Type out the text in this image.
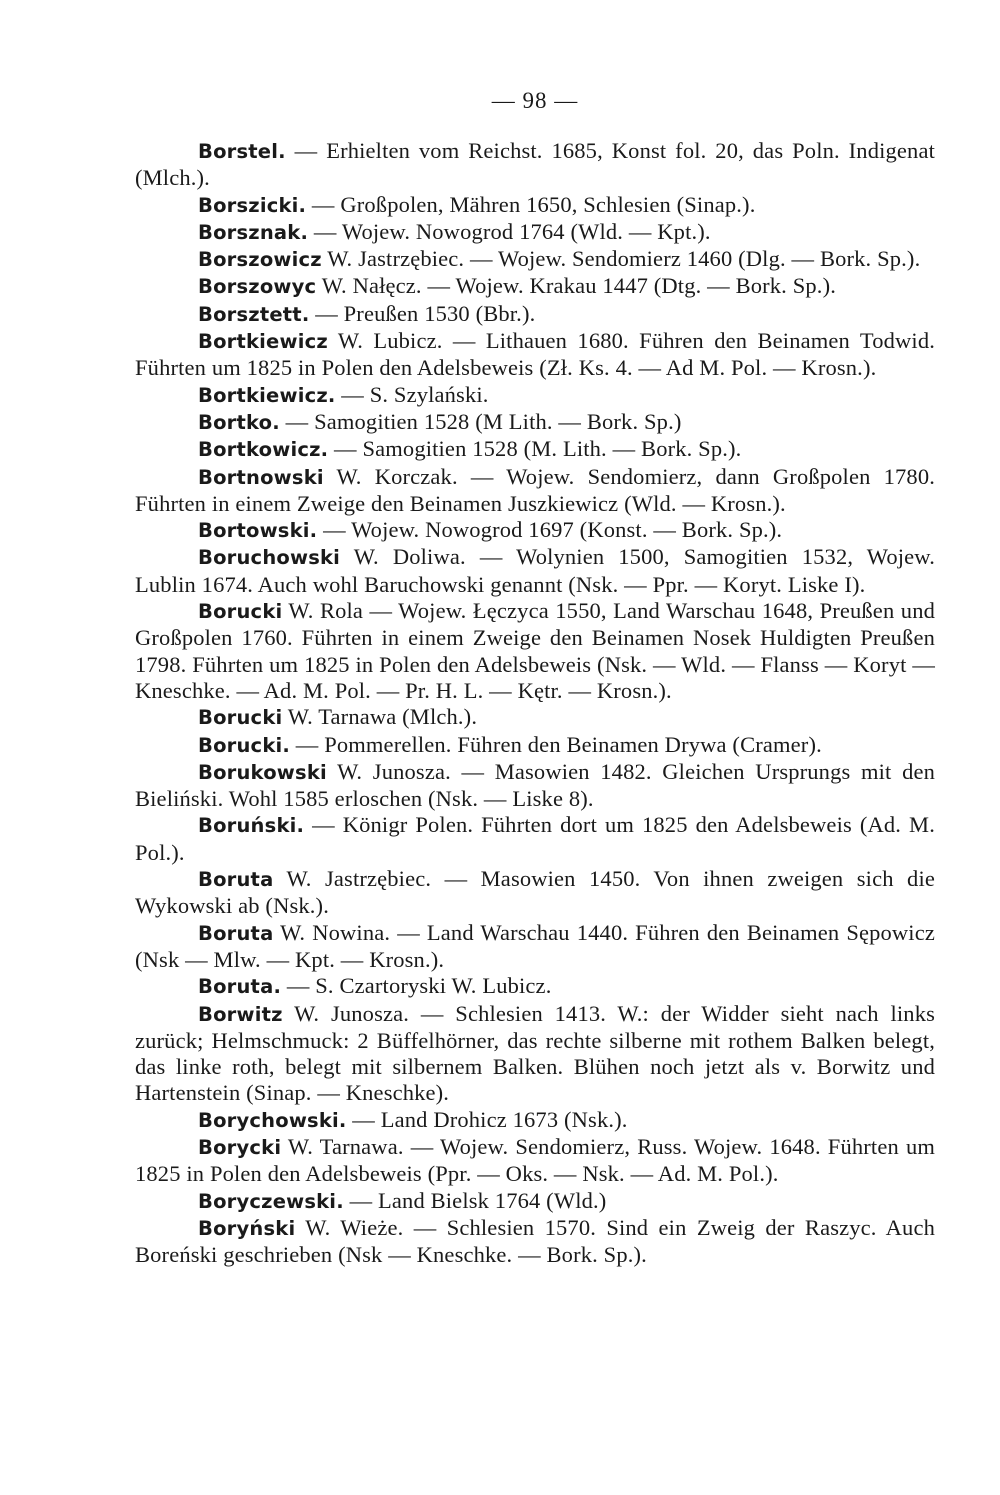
— 98 —

Borstel. — Erhielten vom Reichst. 1685, Konst fol. 20, das Poln. Indigenat (Mlch.).

Borszicki. — Großpolen, Mähren 1650, Schlesien (Sinap.).

Borsznak. — Wojew. Nowogrod 1764 (Wld. — Kpt.).

Borszowicz W. Jastrzębiec. — Wojew. Sendomierz 1460 (Dlg. — Bork. Sp.).

Borszowyc W. Nałęcz. — Wojew. Krakau 1447 (Dtg. — Bork. Sp.).

Borsztett. — Preußen 1530 (Bbr.).

Bortkiewicz W. Lubicz. — Lithauen 1680. Führen den Beinamen Todwid. Führten um 1825 in Polen den Adelsbeweis (Zł. Ks. 4. — Ad M. Pol. — Krosn.).

Bortkiewicz. — S. Szylański.

Bortko. — Samogitien 1528 (M Lith. — Bork. Sp.)

Bortkowicz. — Samogitien 1528 (M. Lith. — Bork. Sp.).

Bortnowski W. Korczak. — Wojew. Sendomierz, dann Großpolen 1780. Führten in einem Zweige den Beinamen Juszkiewicz (Wld. — Krosn.).

Bortowski. — Wojew. Nowogrod 1697 (Konst. — Bork. Sp.).

Boruchowski W. Doliwa. — Wolynien 1500, Samogitien 1532, Wojew. Lublin 1674. Auch wohl Baruchowski genannt (Nsk. — Ppr. — Koryt. Liske I).

Borucki W. Rola — Wojew. Łęczyca 1550, Land Warschau 1648, Preußen und Großpolen 1760. Führten in einem Zweige den Beinamen Nosek Huldigten Preußen 1798. Führten um 1825 in Polen den Adelsbeweis (Nsk. — Wld. — Flanss — Koryt — Kneschke. — Ad. M. Pol. — Pr. H. L. — Kętr. — Krosn.).

Borucki W. Tarnawa (Mlch.).

Borucki. — Pommerellen. Führen den Beinamen Drywa (Cramer).

Borukowski W. Junosza. — Masowien 1482. Gleichen Ursprungs mit den Bieliński. Wohl 1585 erloschen (Nsk. — Liske 8).

Boruński. — Königr Polen. Führten dort um 1825 den Adelsbeweis (Ad. M. Pol.).

Boruta W. Jastrzębiec. — Masowien 1450. Von ihnen zweigen sich die Wykowski ab (Nsk.).

Boruta W. Nowina. — Land Warschau 1440. Führen den Beinamen Sępowicz (Nsk — Mlw. — Kpt. — Krosn.).

Boruta. — S. Czartoryski W. Lubicz.

Borwitz W. Junosza. — Schlesien 1413. W.: der Widder sieht nach links zurück; Helmschmuck: 2 Büffelhörner, das rechte silberne mit rothem Balken belegt, das linke roth, belegt mit silbernem Balken. Blühen noch jetzt als v. Borwitz und Hartenstein (Sinap. — Kneschke).

Borychowski. — Land Drohicz 1673 (Nsk.).

Borycki W. Tarnawa. — Wojew. Sendomierz, Russ. Wojew. 1648. Führten um 1825 in Polen den Adelsbeweis (Ppr. — Oks. — Nsk. — Ad. M. Pol.).

Boryczewski. — Land Bielsk 1764 (Wld.)

Boryński W. Wieże. — Schlesien 1570. Sind ein Zweig der Raszyc. Auch Boreński geschrieben (Nsk — Kneschke. — Bork. Sp.).
